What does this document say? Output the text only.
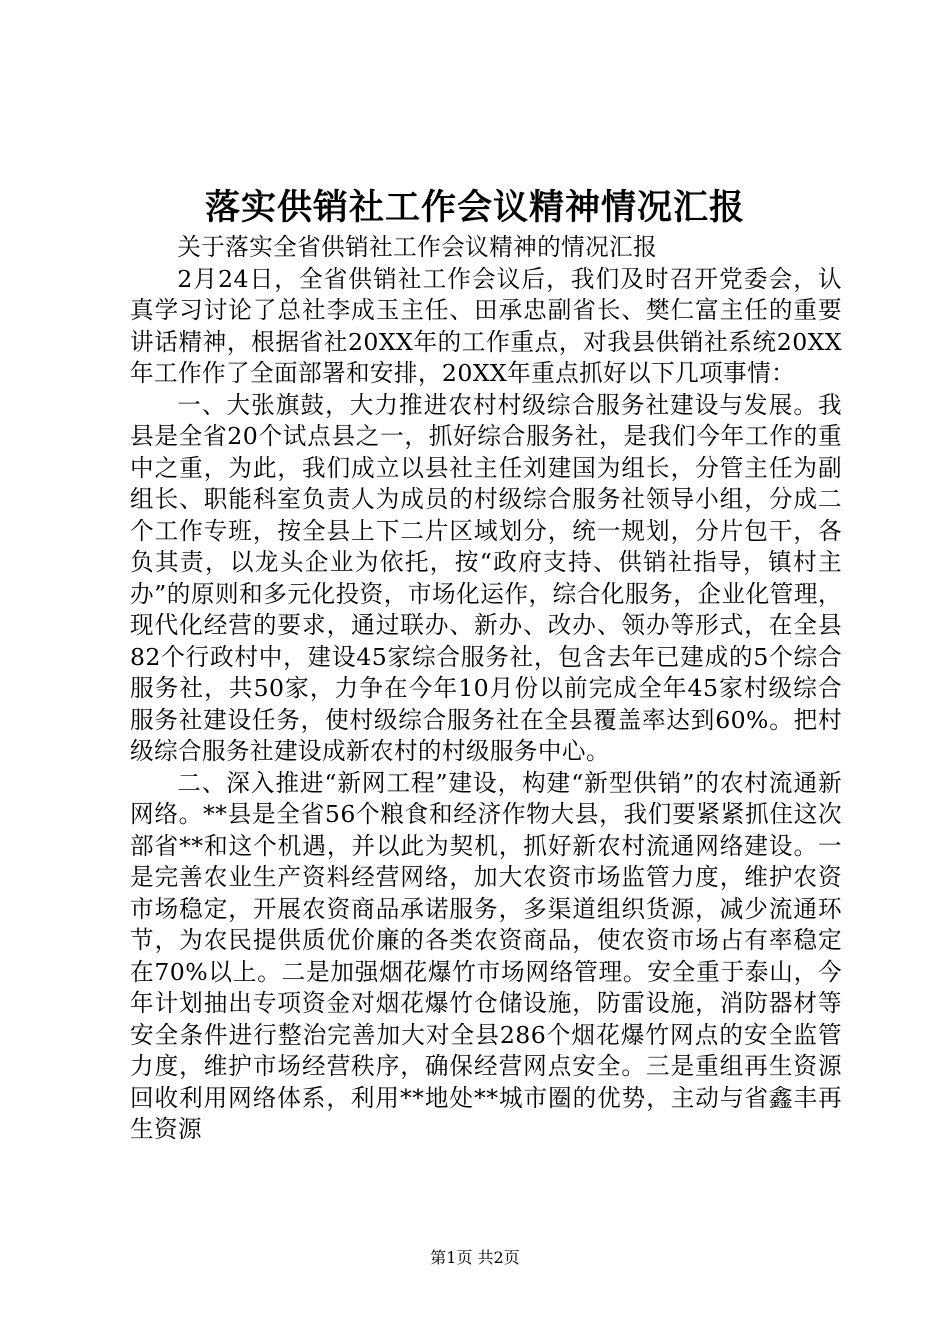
落实供销社工作会议精神情况汇报

关于落实全省供销社工作会议精神的情况汇报

2月24日，全省供销社工作会议后，我们及时召开党委会，认真学习讨论了总社李成玉主任、田承忠副省长、樊仁富主任的重要讲话精神，根据省社20XX年的工作重点，对我县供销社系统20XX年工作作了全面部署和安排，20XX年重点抓好以下几项事情：

一、大张旗鼓，大力推进农村村级综合服务社建设与发展。我县是全省20个试点县之一，抓好综合服务社，是我们今年工作的重中之重，为此，我们成立以县社主任刘建国为组长，分管主任为副组长、职能科室负责人为成员的村级综合服务社领导小组，分成二个工作专班，按全县上下二片区域划分，统一规划，分片包干，各负其责，以龙头企业为依托，按“政府支持、供销社指导，镇村主办”的原则和多元化投资，市场化运作，综合化服务，企业化管理，现代化经营的要求，通过联办、新办、改办、领办等形式，在全县82个行政村中，建设45家综合服务社，包含去年已建成的5个综合服务社，共50家，力争在今年10月份以前完成全年45家村级综合服务社建设任务，使村级综合服务社在全县覆盖率达到60%。把村级综合服务社建设成新农村的村级服务中心。

二、深入推进“新网工程”建设，构建“新型供销”的农村流通新网络。**县是全省56个粮食和经济作物大县，我们要紧紧抓住这次部省**和这个机遇，并以此为契机，抓好新农村流通网络建设。一是完善农业生产资料经营网络，加大农资市场监管力度，维护农资市场稳定，开展农资商品承诺服务，多渠道组织货源，减少流通环节，为农民提供质优价廉的各类农资商品，使农资市场占有率稳定在70%以上。二是加强烟花爆竹市场网络管理。安全重于泰山，今年计划抽出专项资金对烟花爆竹仓储设施，防雷设施，消防器材等安全条件进行整治完善加大对全县286个烟花爆竹网点的安全监管力度，维护市场经营秩序，确保经营网点安全。三是重组再生资源回收利用网络体系，利用**地处**城市圈的优势，主动与省鑫丰再生资源

第1页 共2页
